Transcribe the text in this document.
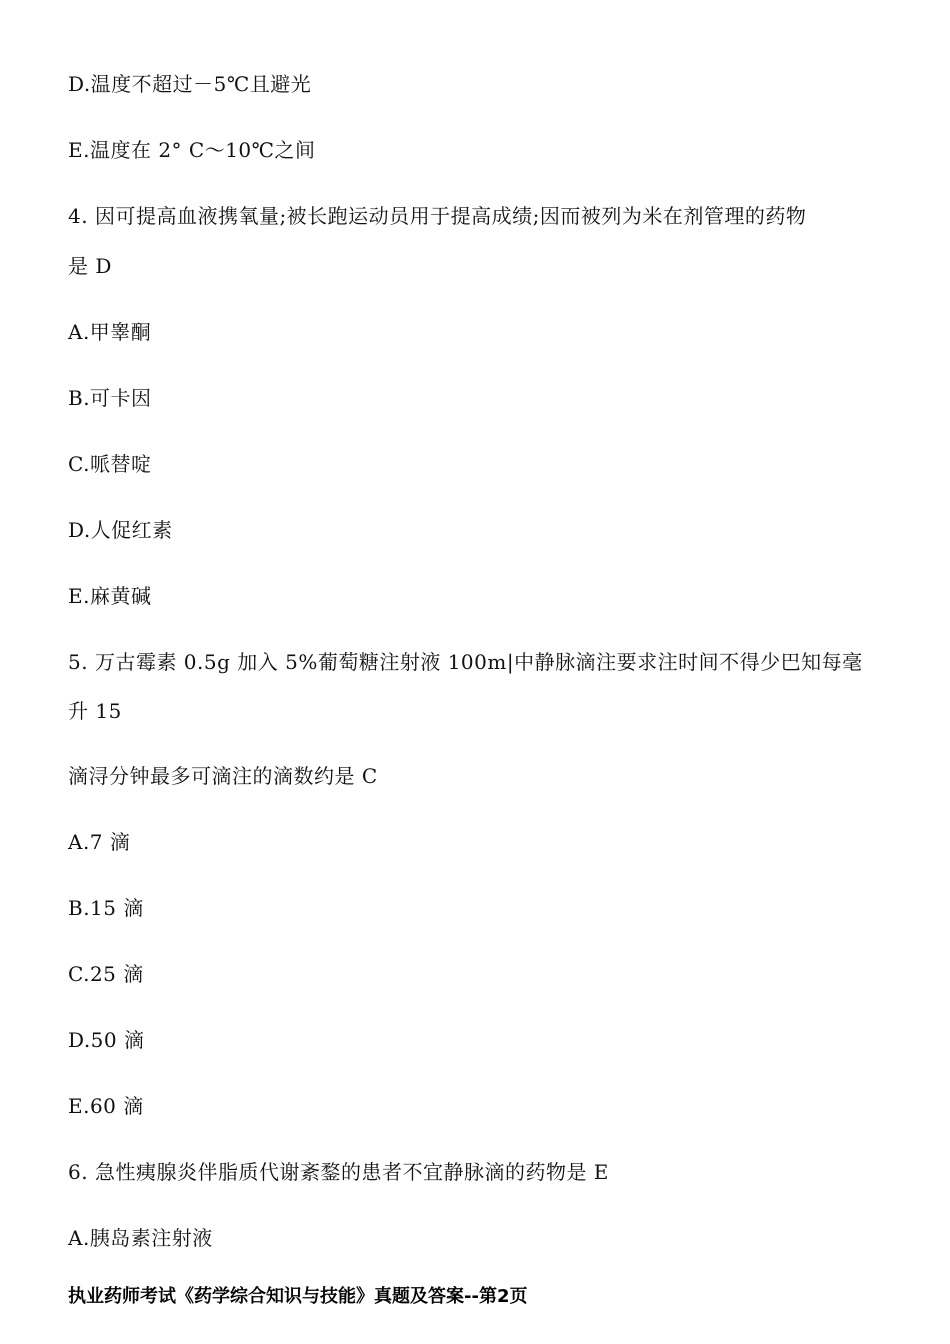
D.温度不超过－5℃且避光
E.温度在 2° C～10℃之间
4. 因可提高血液携氧量;被长跑运动员用于提高成绩;因而被列为米在剂管理的药物
是 D
A.甲睾酮
B.可卡因
C.哌替啶
D.人促红素
E.麻黄碱
5. 万古霉素 0.5g 加入 5%葡萄糖注射液 100m|中静脉滴注要求注时间不得少巴知每毫
升 15
滴浔分钟最多可滴注的滴数约是 C
A.7 滴
B.15 滴
C.25 滴
D.50 滴
E.60 滴
6. 急性痍腺炎伴脂质代谢紊鍪的患者不宜静脉滴的药物是 E
A.胰岛素注射液
执业药师考试《药学综合知识与技能》真题及答案--第2页
